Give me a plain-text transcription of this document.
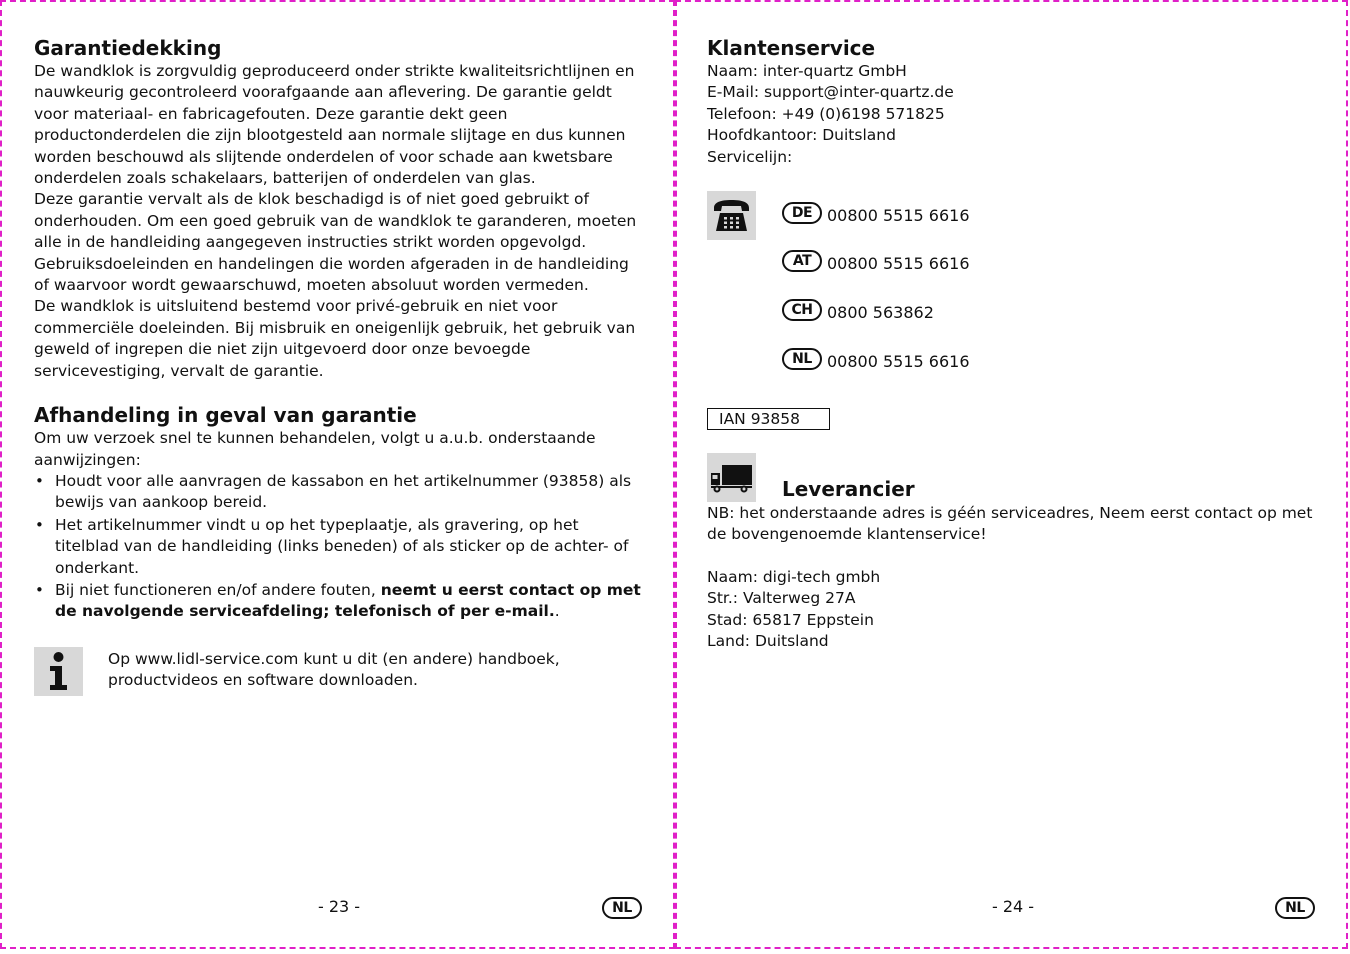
Garantiedekking

De wandklok is zorgvuldig geproduceerd onder strikte kwaliteitsrichtlijnen en nauwkeurig gecontroleerd voorafgaande aan aflevering. De garantie geldt voor materiaal- en fabricagefouten. Deze garantie dekt geen productonderdelen die zijn blootgesteld aan normale slijtage en dus kunnen worden beschouwd als slijtende onderdelen of voor schade aan kwetsbare onderdelen zoals schakelaars, batterijen of onderdelen van glas.

Deze garantie vervalt als de klok beschadigd is of niet goed gebruikt of onderhouden. Om een goed gebruik van de wandklok te garanderen, moeten alle in de handleiding aangegeven instructies strikt worden opgevolgd. Gebruiksdoeleinden en handelingen die worden afgeraden in de handleiding of waarvoor wordt gewaarschuwd, moeten absoluut worden vermeden.

De wandklok is uitsluitend bestemd voor privé-gebruik en niet voor commerciële doeleinden. Bij misbruik en oneigenlijk gebruik, het gebruik van geweld of ingrepen die niet zijn uitgevoerd door onze bevoegde servicevestiging, vervalt de garantie.

Afhandeling in geval van garantie

Om uw verzoek snel te kunnen behandelen, volgt u a.u.b. onderstaande aanwijzingen:

• Houdt voor alle aanvragen de kassabon en het artikelnummer (93858) als bewijs van aankoop bereid.
• Het artikelnummer vindt u op het typeplaatje, als gravering, op het titelblad van de handleiding (links beneden) of als sticker op de achter- of onderkant.
• Bij niet functioneren en/of andere fouten, neemt u eerst contact op met de navolgende serviceafdeling; telefonisch of per e-mail..

Op www.lidl-service.com kunt u dit (en andere) handboek, productvideos en software downloaden.

- 23 -	NL
Klantenservice

Naam: inter-quartz GmbH

E-Mail: support@inter-quartz.de

Telefoon: +49 (0)6198 571825

Hoofdkantoor: Duitsland

Servicelijn:

DE 00800 5515 6616
AT 00800 5515 6616
CH 0800 563862
NL 00800 5515 6616
IAN 93858
Leverancier

NB: het onderstaande adres is géén serviceadres, Neem eerst contact op met de bovengenoemde klantenservice!

Naam: digi-tech gmbh

Str.: Valterweg 27A

Stad: 65817 Eppstein

Land: Duitsland

- 24 -	NL
